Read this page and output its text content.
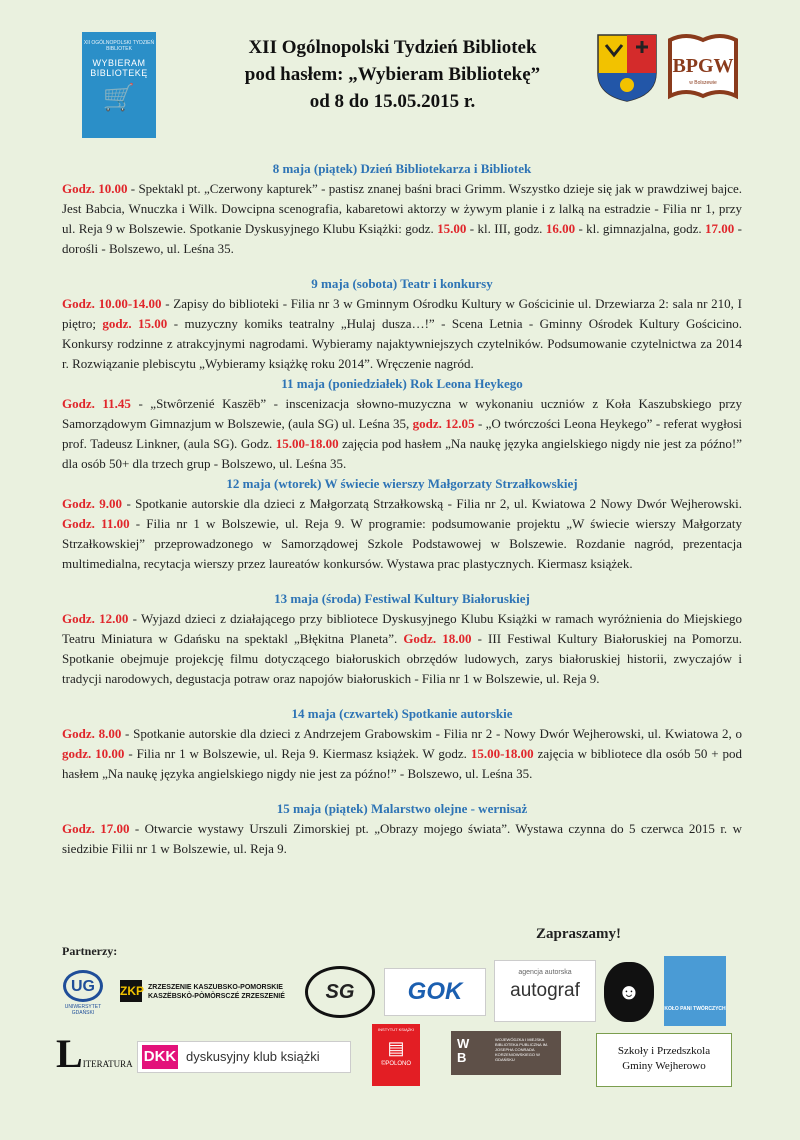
XII OGÓLNOPOLSKI TYDZIEŃ BIBLIOTEK
WYBIERAM BIBLIOTEKĘ
🛒
XII Ogólnopolski Tydzień Bibliotek
pod hasłem: „Wybieram Bibliotekę”
od 8 do 15.05.2015 r.
BPGW
w Bolszewie
8 maja (piątek) Dzień Bibliotekarza i Bibliotek

Godz. 10.00 - Spektakl pt. „Czerwony kapturek” - pastisz znanej baśni braci Grimm. Wszystko dzieje się jak w prawdziwej bajce. Jest Babcia, Wnuczka i Wilk. Dowcipna scenografia, kabaretowi aktorzy w żywym planie i z lalką na estradzie - Filia nr 1, przy ul. Reja 9 w Bolszewie. Spotkanie Dyskusyjnego Klubu Książki: godz. 15.00 - kl. III, godz. 16.00 - kl. gimnazjalna, godz. 17.00 - dorośli - Bolszewo, ul. Leśna 35.

9 maja (sobota) Teatr i konkursy

Godz. 10.00-14.00 - Zapisy do biblioteki - Filia nr 3 w Gminnym Ośrodku Kultury w Gościcinie ul. Drzewiarza 2: sala nr 210, I piętro; godz. 15.00 - muzyczny komiks teatralny „Hulaj dusza…!” - Scena Letnia - Gminny Ośrodek Kultury Gościcino. Konkursy rodzinne z atrakcyjnymi nagrodami. Wybieramy najaktywniejszych czytelników. Podsumowanie czytelnictwa za 2014 r. Rozwiązanie plebiscytu „Wybieramy książkę roku 2014”. Wręczenie nagród.

11 maja (poniedziałek) Rok Leona Heykego

Godz. 11.45 - „Stwôrzenié Kaszëb” - inscenizacja słowno-muzyczna w wykonaniu uczniów z Koła Kaszubskiego przy Samorządowym Gimnazjum w Bolszewie, (aula SG) ul. Leśna 35, godz. 12.05 - „O twórczości Leona Heykego” - referat wygłosi prof. Tadeusz Linkner, (aula SG). Godz. 15.00-18.00 zajęcia pod hasłem „Na naukę języka angielskiego nigdy nie jest za późno!” dla osób 50+ dla trzech grup - Bolszewo, ul. Leśna 35.

12 maja (wtorek) W świecie wierszy Małgorzaty Strzałkowskiej

Godz. 9.00 - Spotkanie autorskie dla dzieci z Małgorzatą Strzałkowską - Filia nr 2, ul. Kwiatowa 2 Nowy Dwór Wejherowski. Godz. 11.00 - Filia nr 1 w Bolszewie, ul. Reja 9. W programie: podsumowanie projektu „W świecie wierszy Małgorzaty Strzałkowskiej” przeprowadzonego w Samorządowej Szkole Podstawowej w Bolszewie. Rozdanie nagród, prezentacja multimedialna, recytacja wierszy przez laureatów konkursów. Wystawa prac plastycznych. Kiermasz książek.

13 maja (środa) Festiwal Kultury Białoruskiej

Godz. 12.00 - Wyjazd dzieci z działającego przy bibliotece Dyskusyjnego Klubu Książki w ramach wyróżnienia do Miejskiego Teatru Miniatura w Gdańsku na spektakl „Błękitna Planeta”. Godz. 18.00 - III Festiwal Kultury Białoruskiej na Pomorzu. Spotkanie obejmuje projekcję filmu dotyczącego białoruskich obrzędów ludowych, zarys białoruskiej historii, zwyczajów i tradycji narodowych, degustacja potraw oraz napojów białoruskich - Filia nr 1 w Bolszewie, ul. Reja 9.

14 maja (czwartek) Spotkanie autorskie

Godz. 8.00 - Spotkanie autorskie dla dzieci z Andrzejem Grabowskim - Filia nr 2 - Nowy Dwór Wejherowski, ul. Kwiatowa 2, o godz. 10.00 - Filia nr 1 w Bolszewie, ul. Reja 9. Kiermasz książek. W godz. 15.00-18.00 zajęcia w bibliotece dla osób 50 + pod hasłem „Na naukę języka angielskiego nigdy nie jest za późno!” - Bolszewo, ul. Leśna 35.

15 maja (piątek) Malarstwo olejne - wernisaż

Godz. 17.00 - Otwarcie wystawy Urszuli Zimorskiej pt. „Obrazy mojego świata”. Wystawa czynna do 5 czerwca 2015 r. w siedzibie Filii nr 1 w Bolszewie, ul. Reja 9.

Zapraszamy!
Partnerzy:
UG
UNIWERSYTET GDAŃSKI
ZKP ZRZESZENIE KASZUBSKO-POMORSKIE
KASZËBSKÒ-PÒMÒRSCZÉ ZRZESZENIÉ	SG	GOK
agencja autorska
autograf	☻
KOŁO PANI TWÓRCZYCH
LITERATURA DKK dyskusyjny klub książki
INSTYTUT KSIĄŻKI
▤
©POLONO
W
B
WOJEWÓDZKA I MIEJSKA BIBLIOTEKA PUBLICZNA IM. JOSEPHA CONRADA KORZENIOWSKIEGO W GDAŃSKU
Szkoły i Przedszkola
Gminy Wejherowo
